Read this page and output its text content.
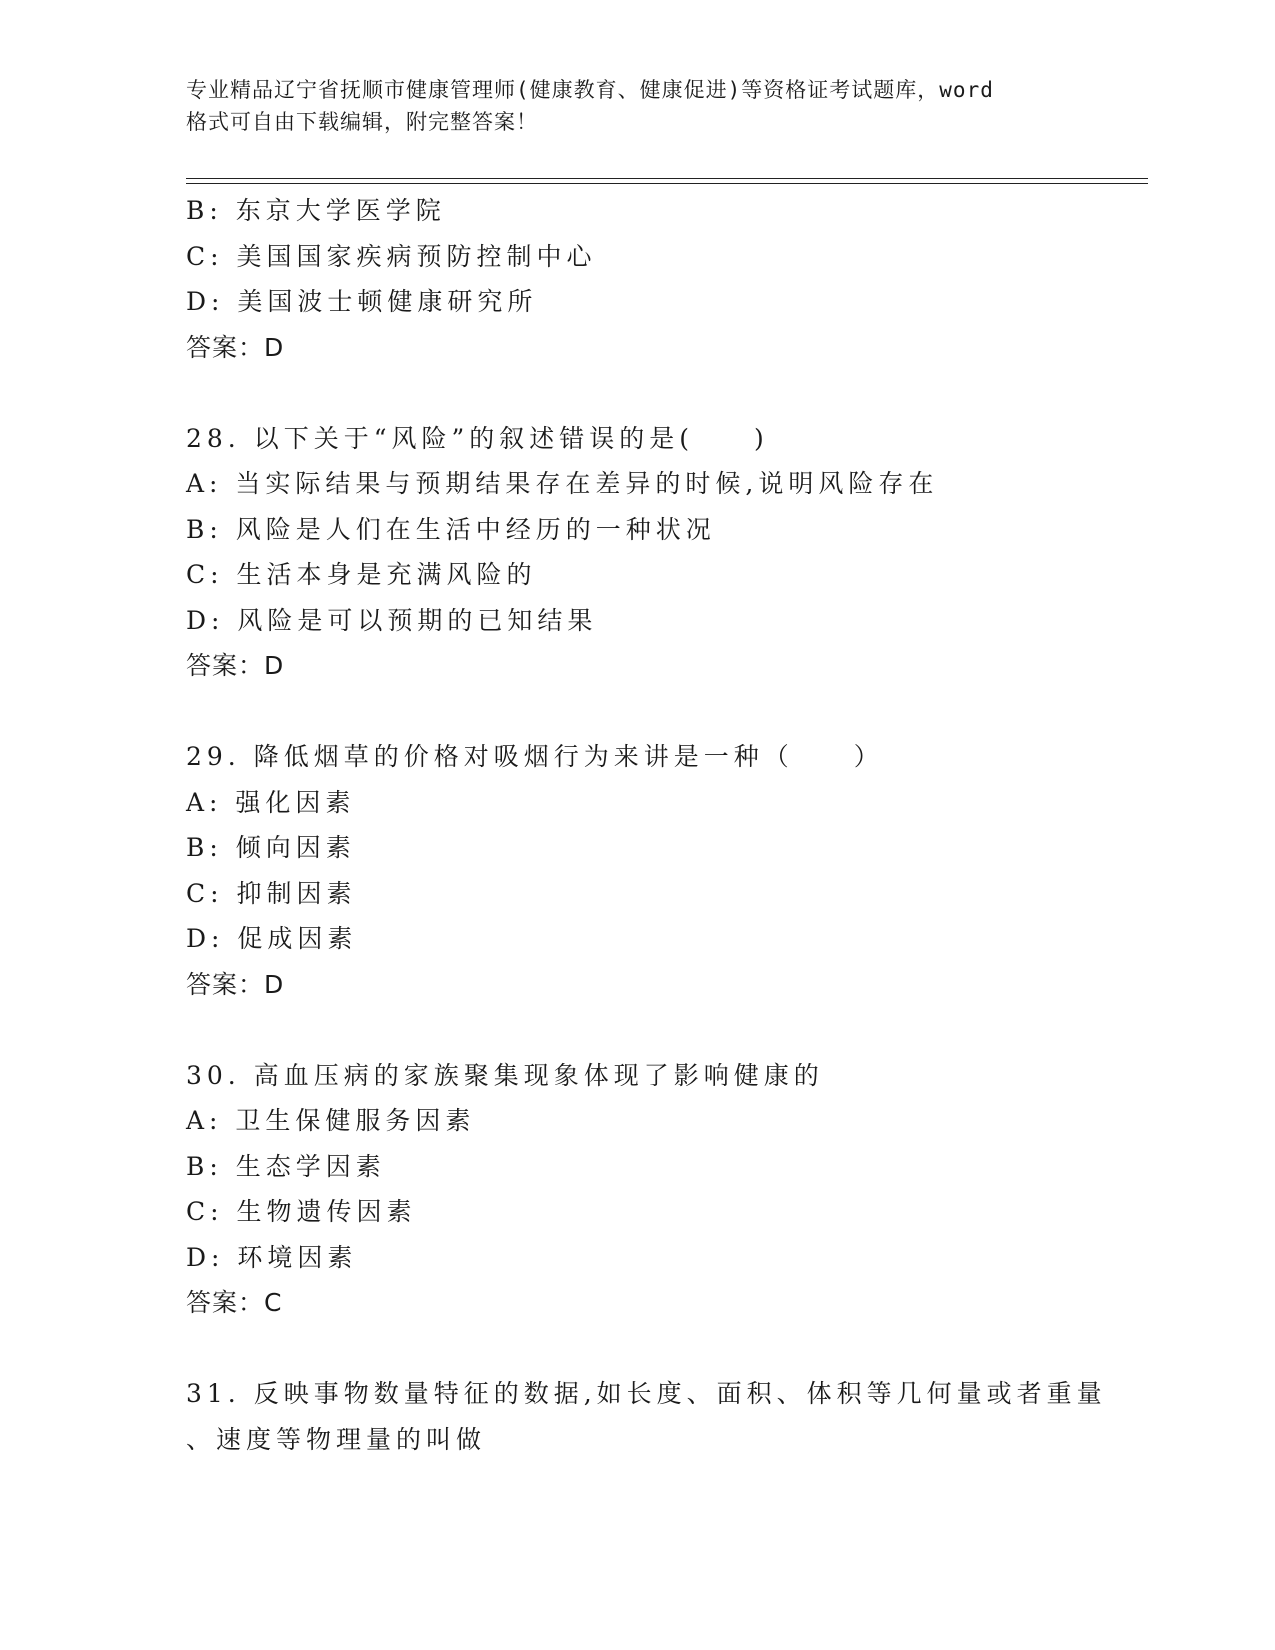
专业精品辽宁省抚顺市健康管理师(健康教育、健康促进)等资格证考试题库，word
格式可自由下载编辑，附完整答案！
B: 东京大学医学院
C: 美国国家疾病预防控制中心
D: 美国波士顿健康研究所
答案：D
28. 以下关于“风险”的叙述错误的是(　　)
A: 当实际结果与预期结果存在差异的时候,说明风险存在
B: 风险是人们在生活中经历的一种状况
C: 生活本身是充满风险的
D: 风险是可以预期的已知结果
答案：D
29. 降低烟草的价格对吸烟行为来讲是一种（　　）
A: 强化因素
B: 倾向因素
C: 抑制因素
D: 促成因素
答案：D
30. 高血压病的家族聚集现象体现了影响健康的
A: 卫生保健服务因素
B: 生态学因素
C: 生物遗传因素
D: 环境因素
答案：C
31. 反映事物数量特征的数据,如长度、面积、体积等几何量或者重量
、速度等物理量的叫做
